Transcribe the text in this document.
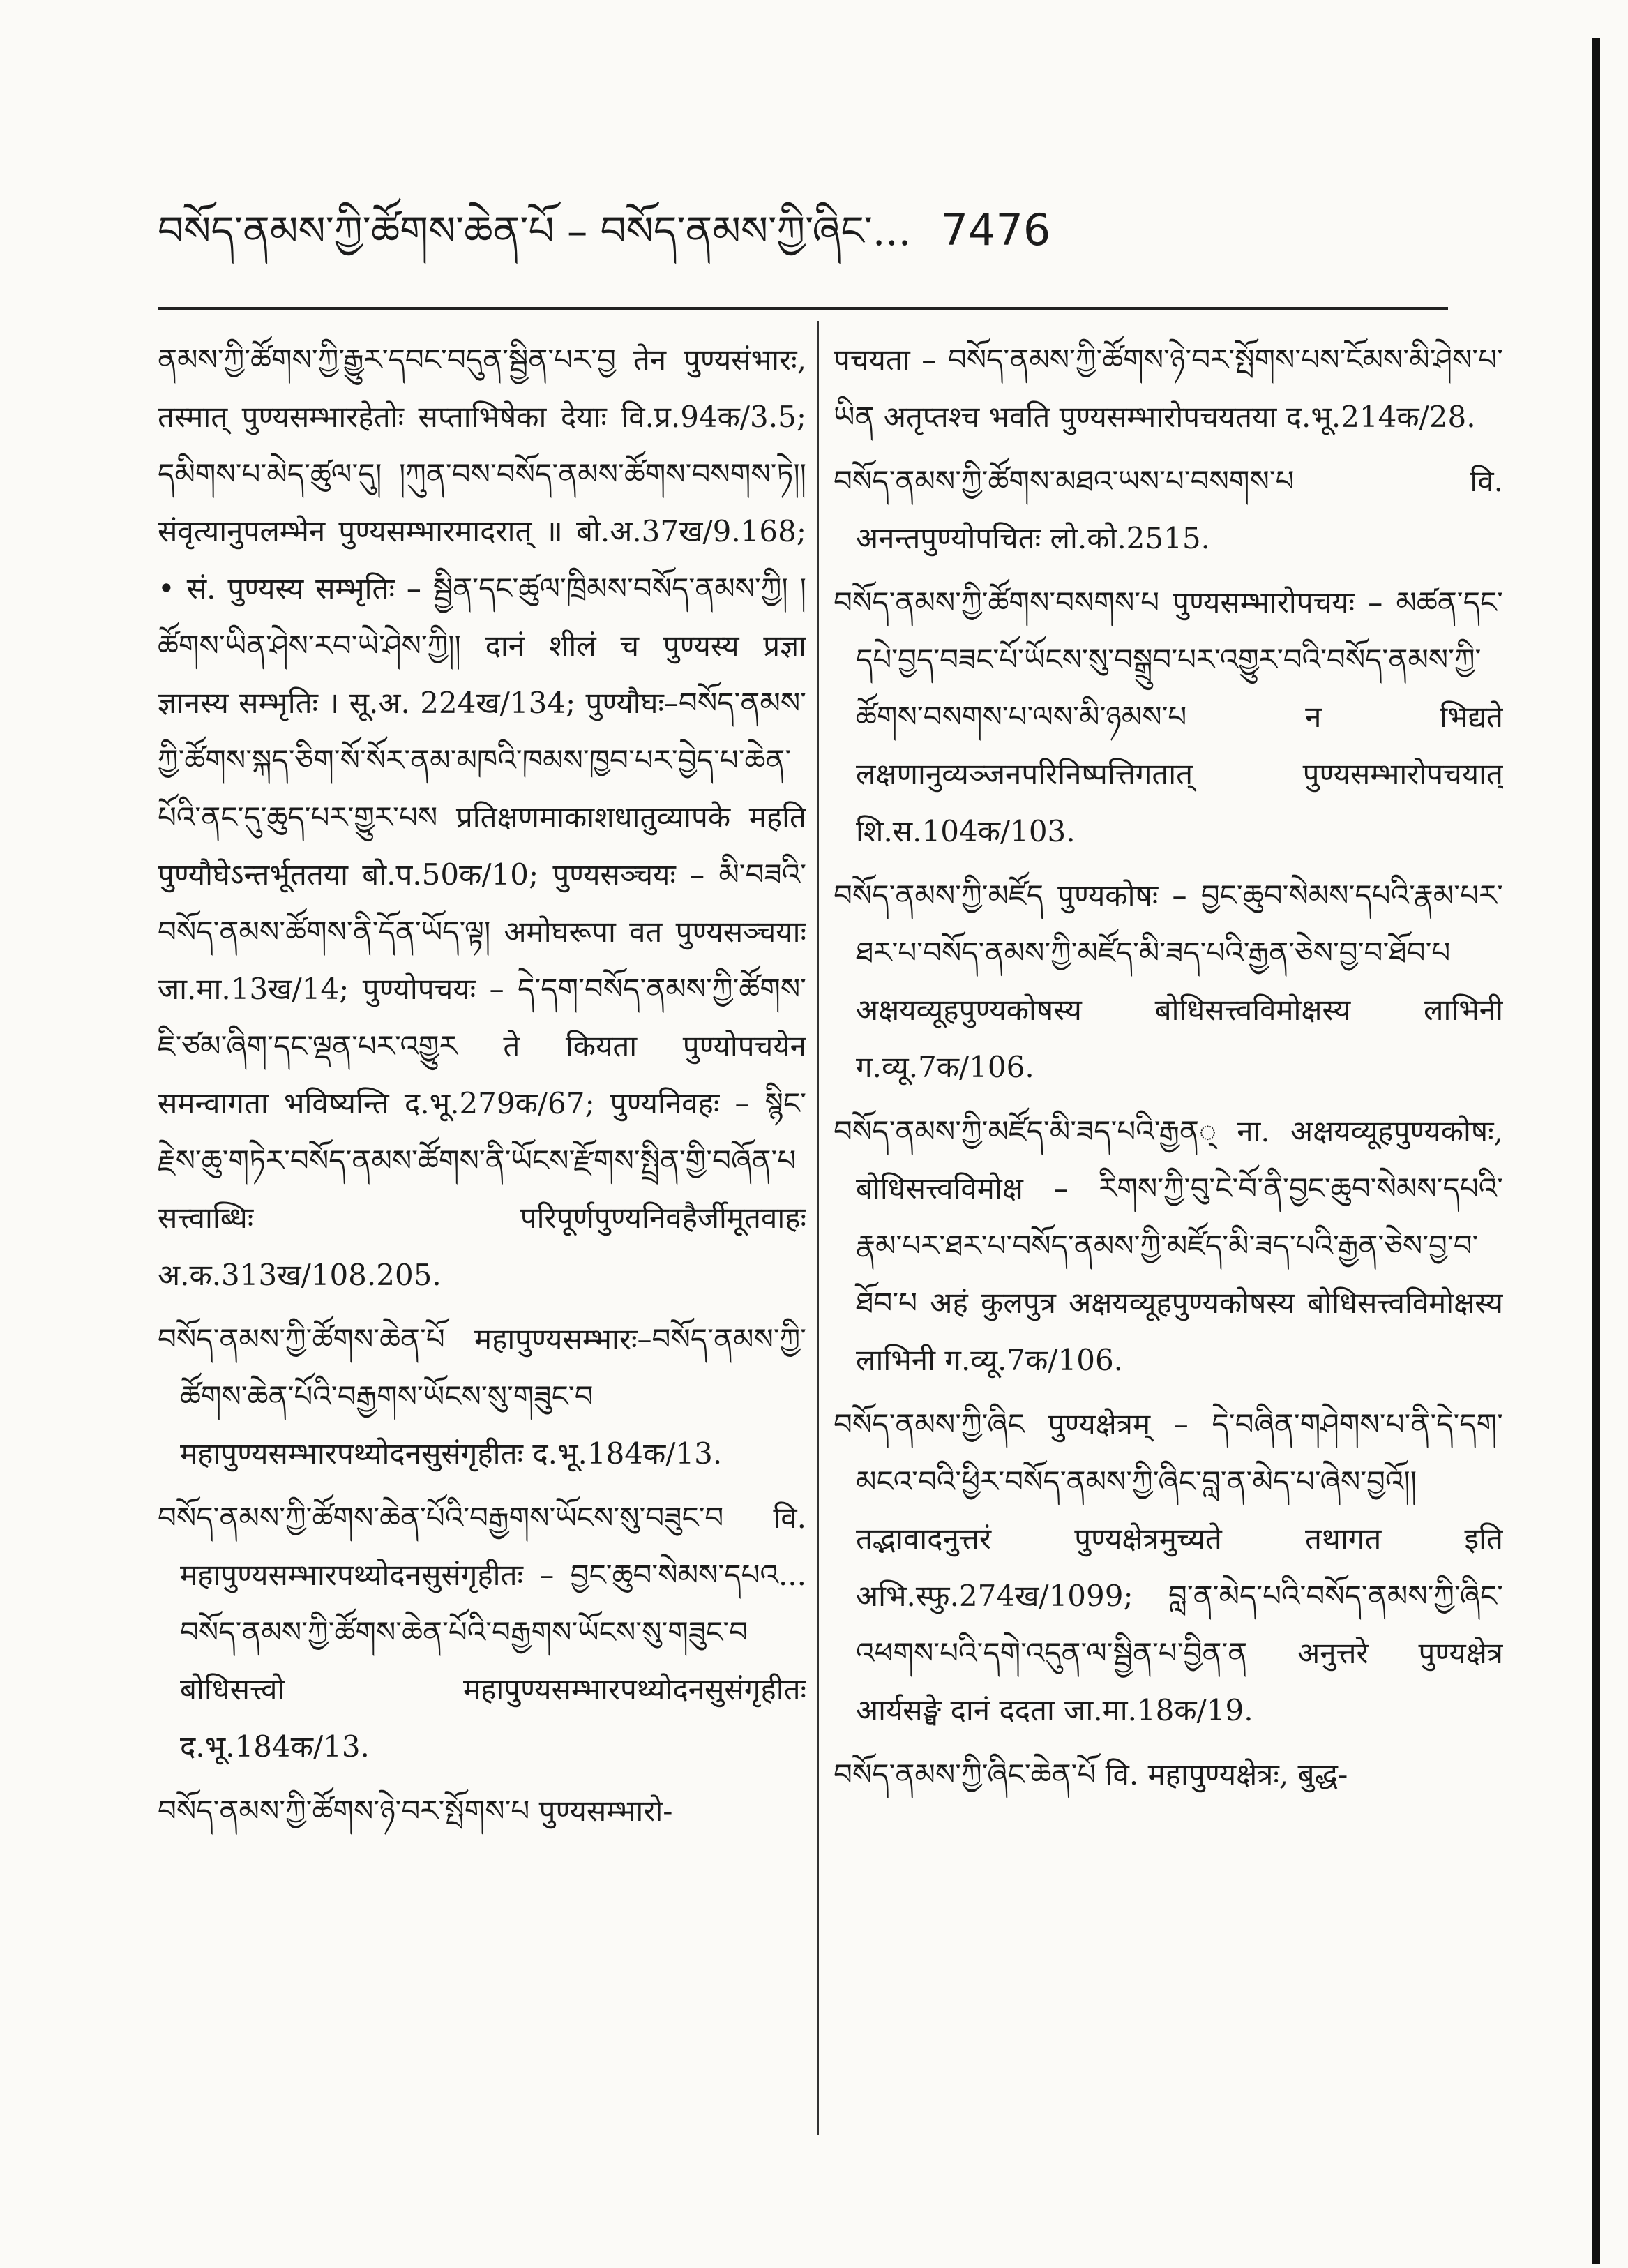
བསོད་ནམས་ཀྱི་ཚོགས་ཆེན་པོ – བསོད་ནམས་ཀྱི་ཞིང་... 7476

ནམས་ཀྱི་ཚོགས་ཀྱི་རྒྱུར་དབང་བདུན་སྦྱིན་པར་བྱ तेन पुण्यसंभारः, तस्मात् पुण्यसम्भारहेतोः सप्ताभिषेका देयाः वि.प्र.94क/3.5; དམིགས་པ་མེད་ཚུལ་དུ། །ཀུན་བས་བསོད་ནམས་ཚོགས་བསགས་ཏེ།། संवृत्यानुपलम्भेन पुण्यसम्भारमादरात् ॥ बो.अ.37ख/9.168; • सं. पुण्यस्य सम्भृतिः – སྦྱིན་དང་ཚུལ་ཁྲིམས་བསོད་ནམས་ཀྱི། །ཚོགས་ཡིན་ཤེས་རབ་ཡེ་ཤེས་ཀྱི།། दानं शीलं च पुण्यस्य प्रज्ञा ज्ञानस्य सम्भृतिः । सू.अ. 224ख/134; पुण्यौघः–བསོད་ནམས་ཀྱི་ཚོགས་སྐད་ཅིག་སོ་སོར་ནམ་མཁའི་ཁམས་ཁྱབ་པར་བྱེད་པ་ཆེན་པོའི་ནང་དུ་ཆུད་པར་གྱུར་པས प्रतिक्षणमाकाशधातुव्यापके महति पुण्यौघेऽन्तर्भूततया बो.प.50क/10; पुण्यसञ्चयः – མི་བཟའི་བསོད་ནམས་ཚོགས་ནི་དོན་ཡོད་ལྟ། अमोघरूपा वत पुण्यसञ्चयाः जा.मा.13ख/14; पुण्योपचयः – དེ་དག་བསོད་ནམས་ཀྱི་ཚོགས་ཇི་ཙམ་ཞིག་དང་ལྡན་པར་འགྱུར ते कियता पुण्योपचयेन समन्वागता भविष्यन्ति द.भू.279क/67; पुण्यनिवहः – སྙིང་རྗེས་ཆུ་གཏེར་བསོད་ནམས་ཚོགས་ནི་ཡོངས་རྫོགས་སྤྲིན་གྱི་བཞོན་པ सत्त्वाब्धिः परिपूर्णपुण्यनिवहैर्जीमूतवाहः अ.क.313ख/108.205.

བསོད་ནམས་ཀྱི་ཚོགས་ཆེན་པོ महापुण्यसम्भारः–བསོད་ནམས་ཀྱི་ཚོགས་ཆེན་པོའི་བརྒྱགས་ཡོངས་སུ་གཟུང་བ महापुण्यसम्भारपथ्योदनसुसंगृहीतः द.भू.184क/13.

བསོད་ནམས་ཀྱི་ཚོགས་ཆེན་པོའི་བརྒྱགས་ཡོངས་སུ་བཟུང་བ वि. महापुण्यसम्भारपथ्योदनसुसंगृहीतः – བྱང་ཆུབ་སེམས་དཔའ... བསོད་ནམས་ཀྱི་ཚོགས་ཆེན་པོའི་བརྒྱགས་ཡོངས་སུ་གཟུང་བ बोधिसत्त्वो महापुण्यसम्भारपथ्योदनसुसंगृहीतः द.भू.184क/13.

བསོད་ནམས་ཀྱི་ཚོགས་ཉེ་བར་སྤོགས་པ पुण्यसम्भारो-

पचयता – བསོད་ནམས་ཀྱི་ཚོགས་ཉེ་བར་སྤོགས་པས་ངོམས་མི་ཤེས་པ་ཡིན अतृप्तश्च भवति पुण्यसम्भारोपचयतया द.भू.214क/28.

བསོད་ནམས་ཀྱི་ཚོགས་མཐའ་ཡས་པ་བསགས་པ वि. अनन्तपुण्योपचितः लो.को.2515.

བསོད་ནམས་ཀྱི་ཚོགས་བསགས་པ पुण्यसम्भारोपचयः – མཚན་དང་དཔེ་བྱད་བཟང་པོ་ཡོངས་སུ་བསྒྲུབ་པར་འགྱུར་བའི་བསོད་ནམས་ཀྱི་ཚོགས་བསགས་པ་ལས་མི་ཉམས་པ न भिद्यते लक्षणानुव्यञ्जनपरिनिष्पत्तिगतात् पुण्यसम्भारोपचयात् शि.स.104क/103.

བསོད་ནམས་ཀྱི་མཛོད पुण्यकोषः – བྱང་ཆུབ་སེམས་དཔའི་རྣམ་པར་ཐར་པ་བསོད་ནམས་ཀྱི་མཛོད་མི་ཟད་པའི་རྒྱན་ཅེས་བྱ་བ་ཐོབ་པ अक्षयव्यूहपुण्यकोषस्य बोधिसत्त्वविमोक्षस्य लाभिनी ग.व्यू.7क/106.

བསོད་ནམས་ཀྱི་མཛོད་མི་ཟད་པའི་རྒྱན् ना. अक्षयव्यूहपुण्यकोषः, बोधिसत्त्वविमोक्ष – རིགས་ཀྱི་བུ་ངེ་བོ་ནི་བྱང་ཆུབ་སེམས་དཔའི་རྣམ་པར་ཐར་པ་བསོད་ནམས་ཀྱི་མཛོད་མི་ཟད་པའི་རྒྱན་ཅེས་བྱ་བ་ཐོབ་པ अहं कुलपुत्र अक्षयव्यूहपुण्यकोषस्य बोधिसत्त्वविमोक्षस्य लाभिनी ग.व्यू.7क/106.

བསོད་ནམས་ཀྱི་ཞིང पुण्यक्षेत्रम् – དེ་བཞིན་གཤེགས་པ་ནི་དེ་དག་མངའ་བའི་ཕྱིར་བསོད་ནམས་ཀྱི་ཞིང་བླ་ན་མེད་པ་ཞེས་བྱའོ།། तद्भावादनुत्तरं पुण्यक्षेत्रमुच्यते तथागत इति अभि.स्फु.274ख/1099; བླ་ན་མེད་པའི་བསོད་ནམས་ཀྱི་ཞིང་འཕགས་པའི་དགེ་འདུན་ལ་སྦྱིན་པ་བྱིན་ན अनुत्तरे पुण्यक्षेत्र आर्यसङ्घे दानं ददता जा.मा.18क/19.

བསོད་ནམས་ཀྱི་ཞིང་ཆེན་པོ वि. महापुण्यक्षेत्रः, बुद्ध-
